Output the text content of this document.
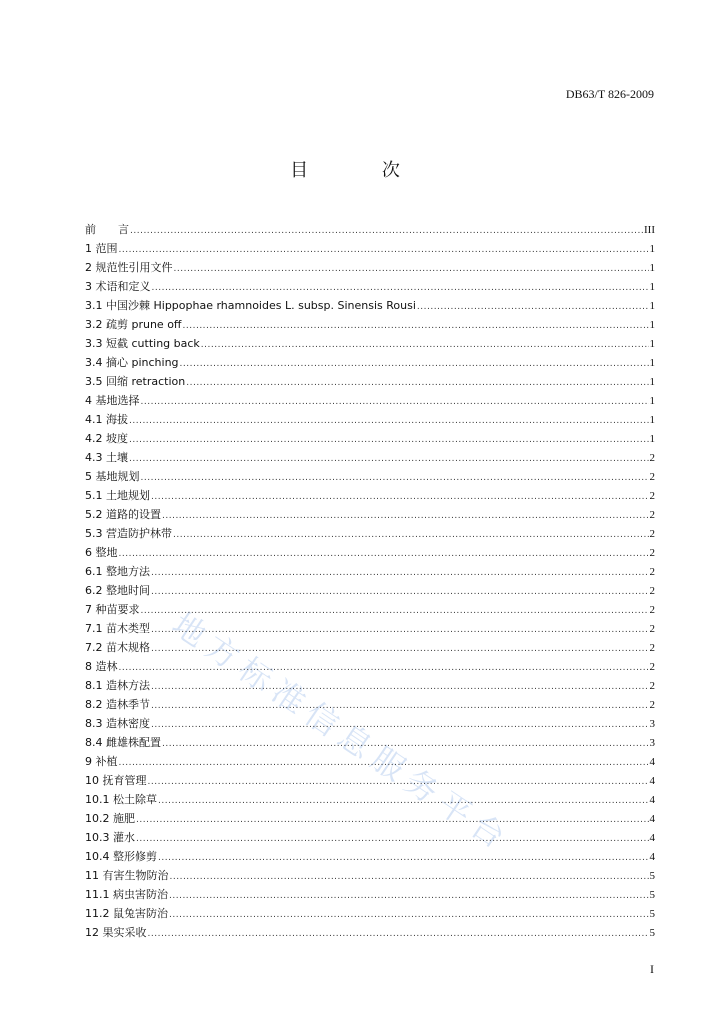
DB63/T 826-2009
目 次
地方标准信息服务平台
前　　言 .....	III
1 范围 .....	1
2 规范性引用文件 .....	1
3 术语和定义 .....	1
3.1 中国沙棘 Hippophae rhamnoides L. subsp. Sinensis Rousi .....	1
3.2 疏剪 prune off .....	1
3.3 短截 cutting back .....	1
3.4 摘心 pinching .....	1
3.5 回缩 retraction .....	1
4 基地选择 .....	1
4.1 海拔 .....	1
4.2 坡度 .....	1
4.3 土壤 .....	2
5 基地规划 .....	2
5.1 土地规划 .....	2
5.2 道路的设置 .....	2
5.3 营造防护林带 .....	2
6 整地 .....	2
6.1 整地方法 .....	2
6.2 整地时间 .....	2
7 种苗要求 .....	2
7.1 苗木类型 .....	2
7.2 苗木规格 .....	2
8 造林 .....	2
8.1 造林方法 .....	2
8.2 造林季节 .....	2
8.3 造林密度 .....	3
8.4 雌雄株配置 .....	3
9 补植 .....	4
10 抚育管理 .....	4
10.1 松土除草 .....	4
10.2 施肥 .....	4
10.3 灌水 .....	4
10.4 整形修剪 .....	4
11 有害生物防治 .....	5
11.1 病虫害防治 .....	5
11.2 鼠兔害防治 .....	5
12 果实采收 .....	5
I
